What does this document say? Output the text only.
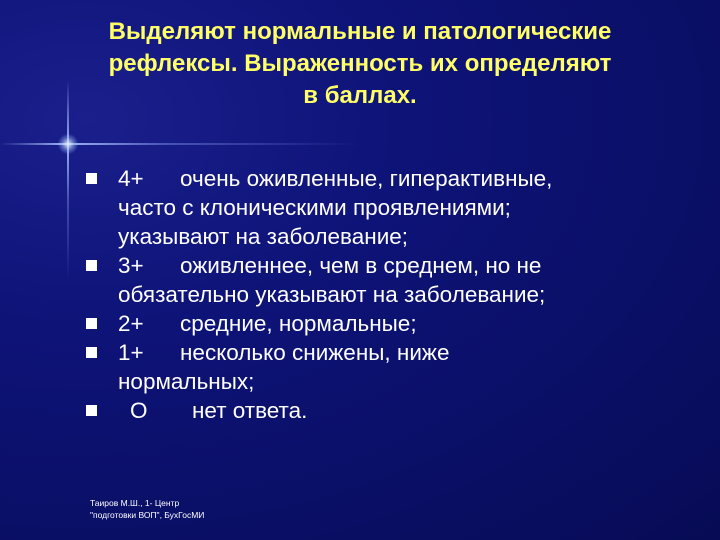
Выделяют нормальные и патологические
рефлексы. Выраженность их определяют
в баллах.
4+ очень оживленные, гиперактивные,
часто с клоническими проявлениями;
указывают на заболевание;
3+ оживленнее, чем в среднем, но не
обязательно указывают на заболевание;
2+ средние, нормальные;
1+ несколько снижены, ниже
нормальных;
О нет ответа.

Таиров М.Ш., 1- Центр
"подготовки ВОП", БухГосМИ
